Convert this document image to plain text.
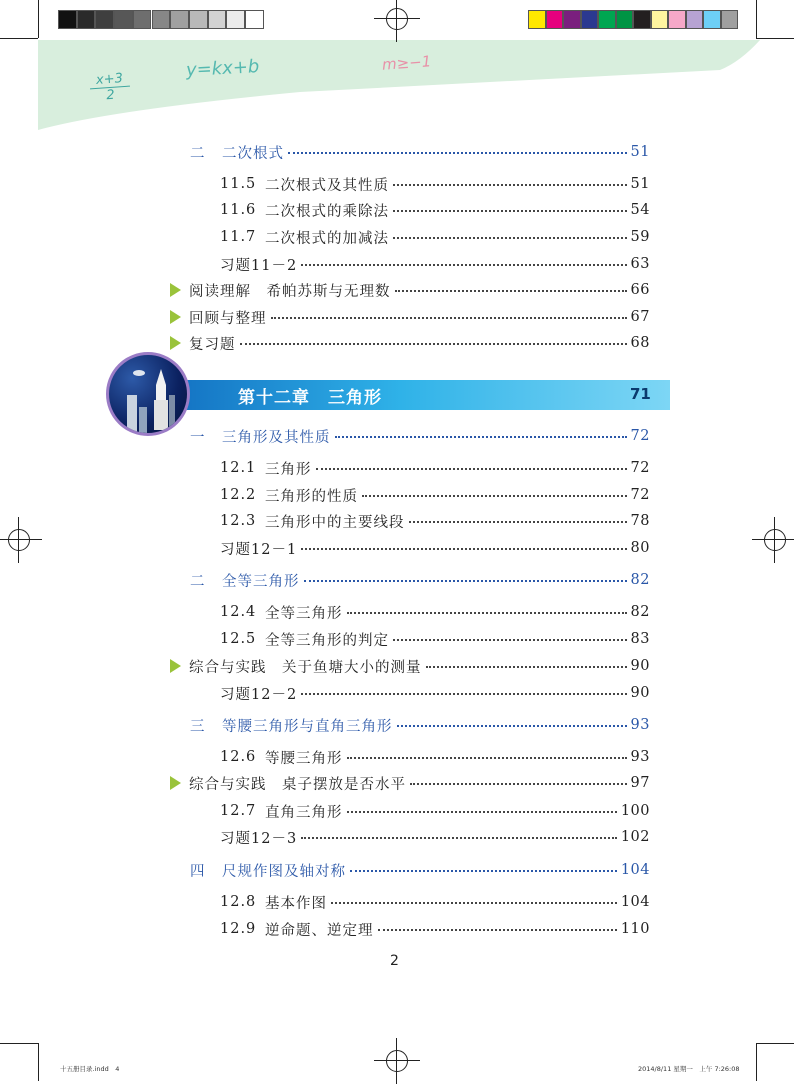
$\frac{x+3}{2}$
y=kx+b	m≥−1
二	二次根式	51
11.5 二次根式及其性质	51
11.6 二次根式的乘除法	54
11.7 二次根式的加减法	59
习题11－2	63
阅读理解　希帕苏斯与无理数	66
回顾与整理	67
复习题	68
第十二章　三角形	71
一	三角形及其性质	72
12.1 三角形	72
12.2 三角形的性质	72
12.3 三角形中的主要线段	78
习题12－1	80
二	全等三角形	82
12.4 全等三角形	82
12.5 全等三角形的判定	83
综合与实践　关于鱼塘大小的测量	90
习题12－2	90
三	等腰三角形与直角三角形	93
12.6 等腰三角形	93
综合与实践　桌子摆放是否水平	97
12.7 直角三角形	100
习题12－3	102
四	尺规作图及轴对称	104
12.8 基本作图	104
12.9 逆命题、逆定理	110
2
十五册目录.indd　4	2014/8/11 星期一　上午 7:26:08
